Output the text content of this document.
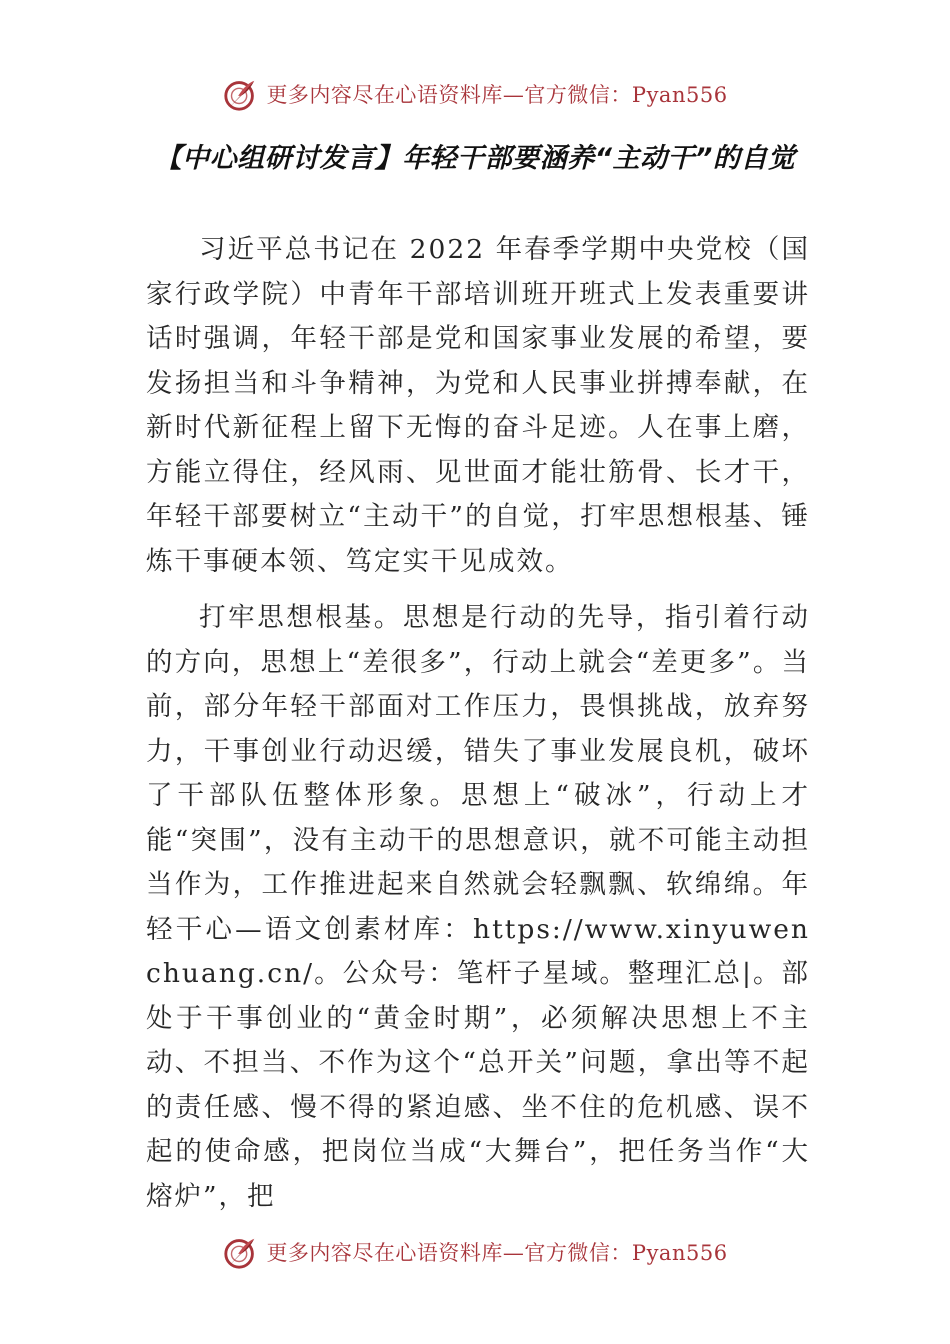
更多内容尽在心语资料库—官方微信：Pyan556
【中心组研讨发言】年轻干部要涵养“主动干”的自觉

习近平总书记在 2022 年春季学期中央党校（国家行政学院）中青年干部培训班开班式上发表重要讲话时强调，年轻干部是党和国家事业发展的希望，要发扬担当和斗争精神，为党和人民事业拼搏奉献，在新时代新征程上留下无悔的奋斗足迹。人在事上磨，方能立得住，经风雨、见世面才能壮筋骨、长才干，年轻干部要树立“主动干”的自觉，打牢思想根基、锤炼干事硬本领、笃定实干见成效。

打牢思想根基。思想是行动的先导，指引着行动的方向，思想上“差很多”，行动上就会“差更多”。当前，部分年轻干部面对工作压力，畏惧挑战，放弃努力，干事创业行动迟缓，错失了事业发展良机，破坏了干部队伍整体形象。思想上“破冰”，行动上才能“突围”，没有主动干的思想意识，就不可能主动担当作为，工作推进起来自然就会轻飘飘、软绵绵。年轻干心—语文创素材库：https://www.xinyuwenchuang.cn/。公众号：笔杆子星域。整理汇总|。部处于干事创业的“黄金时期”，必须解决思想上不主动、不担当、不作为这个“总开关”问题，拿出等不起的责任感、慢不得的紧迫感、坐不住的危机感、误不起的使命感，把岗位当成“大舞台”，把任务当作“大熔炉”，把

更多内容尽在心语资料库—官方微信：Pyan556
